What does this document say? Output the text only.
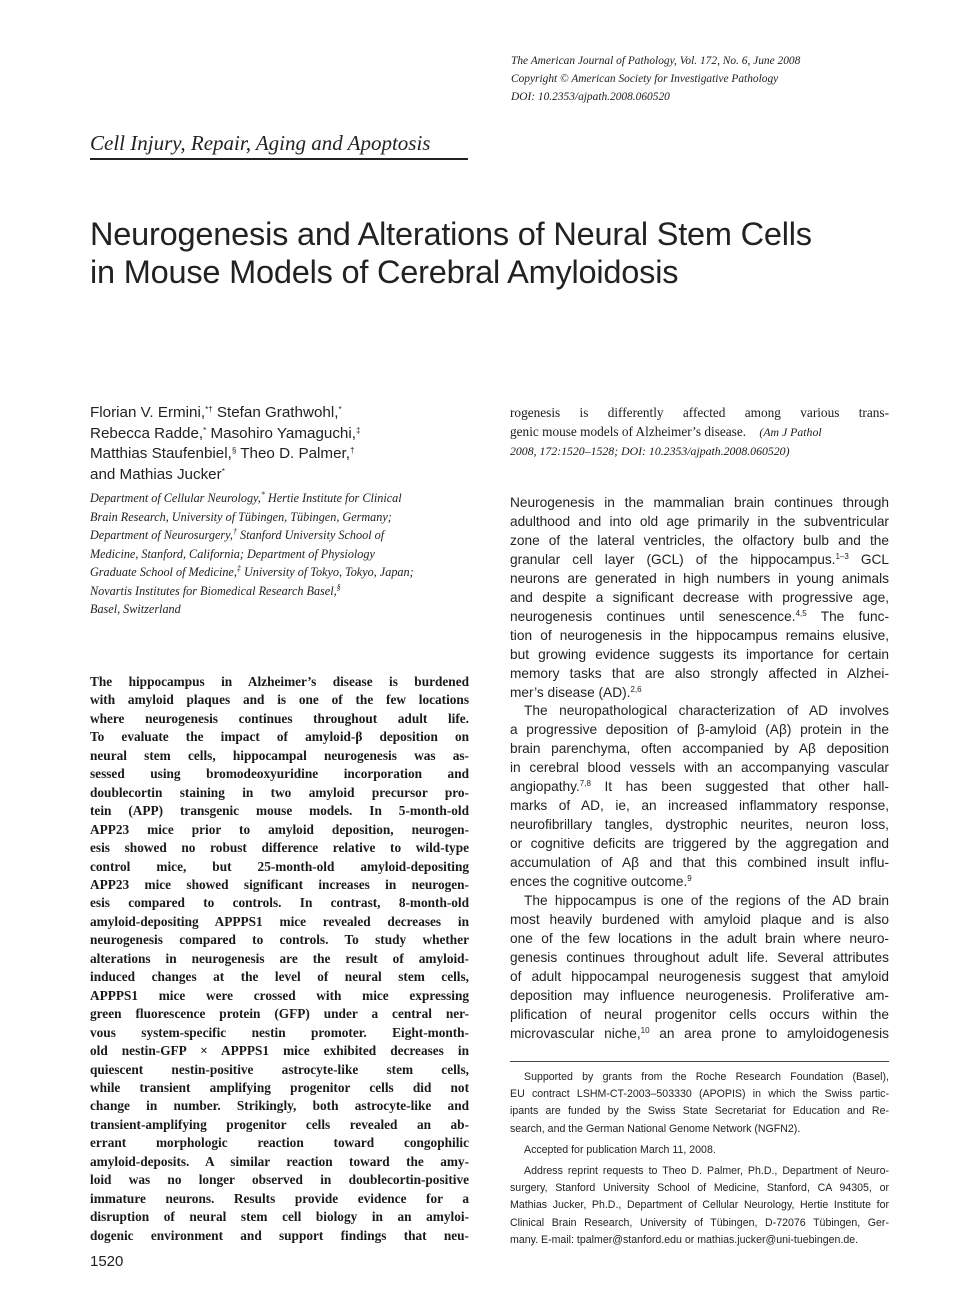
The American Journal of Pathology, Vol. 172, No. 6, June 2008
Copyright © American Society for Investigative Pathology
DOI: 10.2353/ajpath.2008.060520
Cell Injury, Repair, Aging and Apoptosis
Neurogenesis and Alterations of Neural Stem Cells
in Mouse Models of Cerebral Amyloidosis
Florian V. Ermini,*† Stefan Grathwohl,*
Rebecca Radde,* Masohiro Yamaguchi,‡
Matthias Staufenbiel,§ Theo D. Palmer,†
and Mathias Jucker*
Department of Cellular Neurology,* Hertie Institute for Clinical
Brain Research, University of Tübingen, Tübingen, Germany;
Department of Neurosurgery,† Stanford University School of
Medicine, Stanford, California; Department of Physiology
Graduate School of Medicine,‡ University of Tokyo, Tokyo, Japan;
Novartis Institutes for Biomedical Research Basel,§
Basel, Switzerland
The hippocampus in Alzheimer’s disease is burdened
with amyloid plaques and is one of the few locations
where neurogenesis continues throughout adult life.
To evaluate the impact of amyloid-β deposition on
neural stem cells, hippocampal neurogenesis was as-
sessed using bromodeoxyuridine incorporation and
doublecortin staining in two amyloid precursor pro-
tein (APP) transgenic mouse models. In 5-month-old
APP23 mice prior to amyloid deposition, neurogen-
esis showed no robust difference relative to wild-type
control mice, but 25-month-old amyloid-depositing
APP23 mice showed significant increases in neurogen-
esis compared to controls. In contrast, 8-month-old
amyloid-depositing APPPS1 mice revealed decreases in
neurogenesis compared to controls. To study whether
alterations in neurogenesis are the result of amyloid-
induced changes at the level of neural stem cells,
APPPS1 mice were crossed with mice expressing
green fluorescence protein (GFP) under a central ner-
vous system-specific nestin promoter. Eight-month-
old nestin-GFP × APPPS1 mice exhibited decreases in
quiescent nestin-positive astrocyte-like stem cells,
while transient amplifying progenitor cells did not
change in number. Strikingly, both astrocyte-like and
transient-amplifying progenitor cells revealed an ab-
errant morphologic reaction toward congophilic
amyloid-deposits. A similar reaction toward the amy-
loid was no longer observed in doublecortin-positive
immature neurons. Results provide evidence for a
disruption of neural stem cell biology in an amyloi-
dogenic environment and support findings that neu-
rogenesis is differently affected among various trans-
genic mouse models of Alzheimer’s disease. (Am J Pathol
2008, 172:1520–1528; DOI: 10.2353/ajpath.2008.060520)
Neurogenesis in the mammalian brain continues through
adulthood and into old age primarily in the subventricular
zone of the lateral ventricles, the olfactory bulb and the
granular cell layer (GCL) of the hippocampus.$^{1-3}$ GCL
neurons are generated in high numbers in young animals
and despite a significant decrease with progressive age,
neurogenesis continues until senescence.$^{4,5}$ The func-
tion of neurogenesis in the hippocampus remains elusive,
but growing evidence suggests its importance for certain
memory tasks that are also strongly affected in Alzhei-
mer’s disease (AD).$^{2,6}$
The neuropathological characterization of AD involves
a progressive deposition of β-amyloid (Aβ) protein in the
brain parenchyma, often accompanied by Aβ deposition
in cerebral blood vessels with an accompanying vascular
angiopathy.$^{7,8}$ It has been suggested that other hall-
marks of AD, ie, an increased inflammatory response,
neurofibrillary tangles, dystrophic neurites, neuron loss,
or cognitive deficits are triggered by the aggregation and
accumulation of Aβ and that this combined insult influ-
ences the cognitive outcome.$^9$
The hippocampus is one of the regions of the AD brain
most heavily burdened with amyloid plaque and is also
one of the few locations in the adult brain where neuro-
genesis continues throughout adult life. Several attributes
of adult hippocampal neurogenesis suggest that amyloid
deposition may influence neurogenesis. Proliferative am-
plification of neural progenitor cells occurs within the
microvascular niche,$^{10}$ an area prone to amyloidogenesis
Supported by grants from the Roche Research Foundation (Basel),
EU contract LSHM-CT-2003–503330 (APOPIS) in which the Swiss partic-
ipants are funded by the Swiss State Secretariat for Education and Re-
search, and the German National Genome Network (NGFN2).
Accepted for publication March 11, 2008.
Address reprint requests to Theo D. Palmer, Ph.D., Department of Neuro-
surgery, Stanford University School of Medicine, Stanford, CA 94305, or
Mathias Jucker, Ph.D., Department of Cellular Neurology, Hertie Institute for
Clinical Brain Research, University of Tübingen, D-72076 Tübingen, Ger-
many. E-mail: tpalmer@stanford.edu or mathias.jucker@uni-tuebingen.de.
1520
